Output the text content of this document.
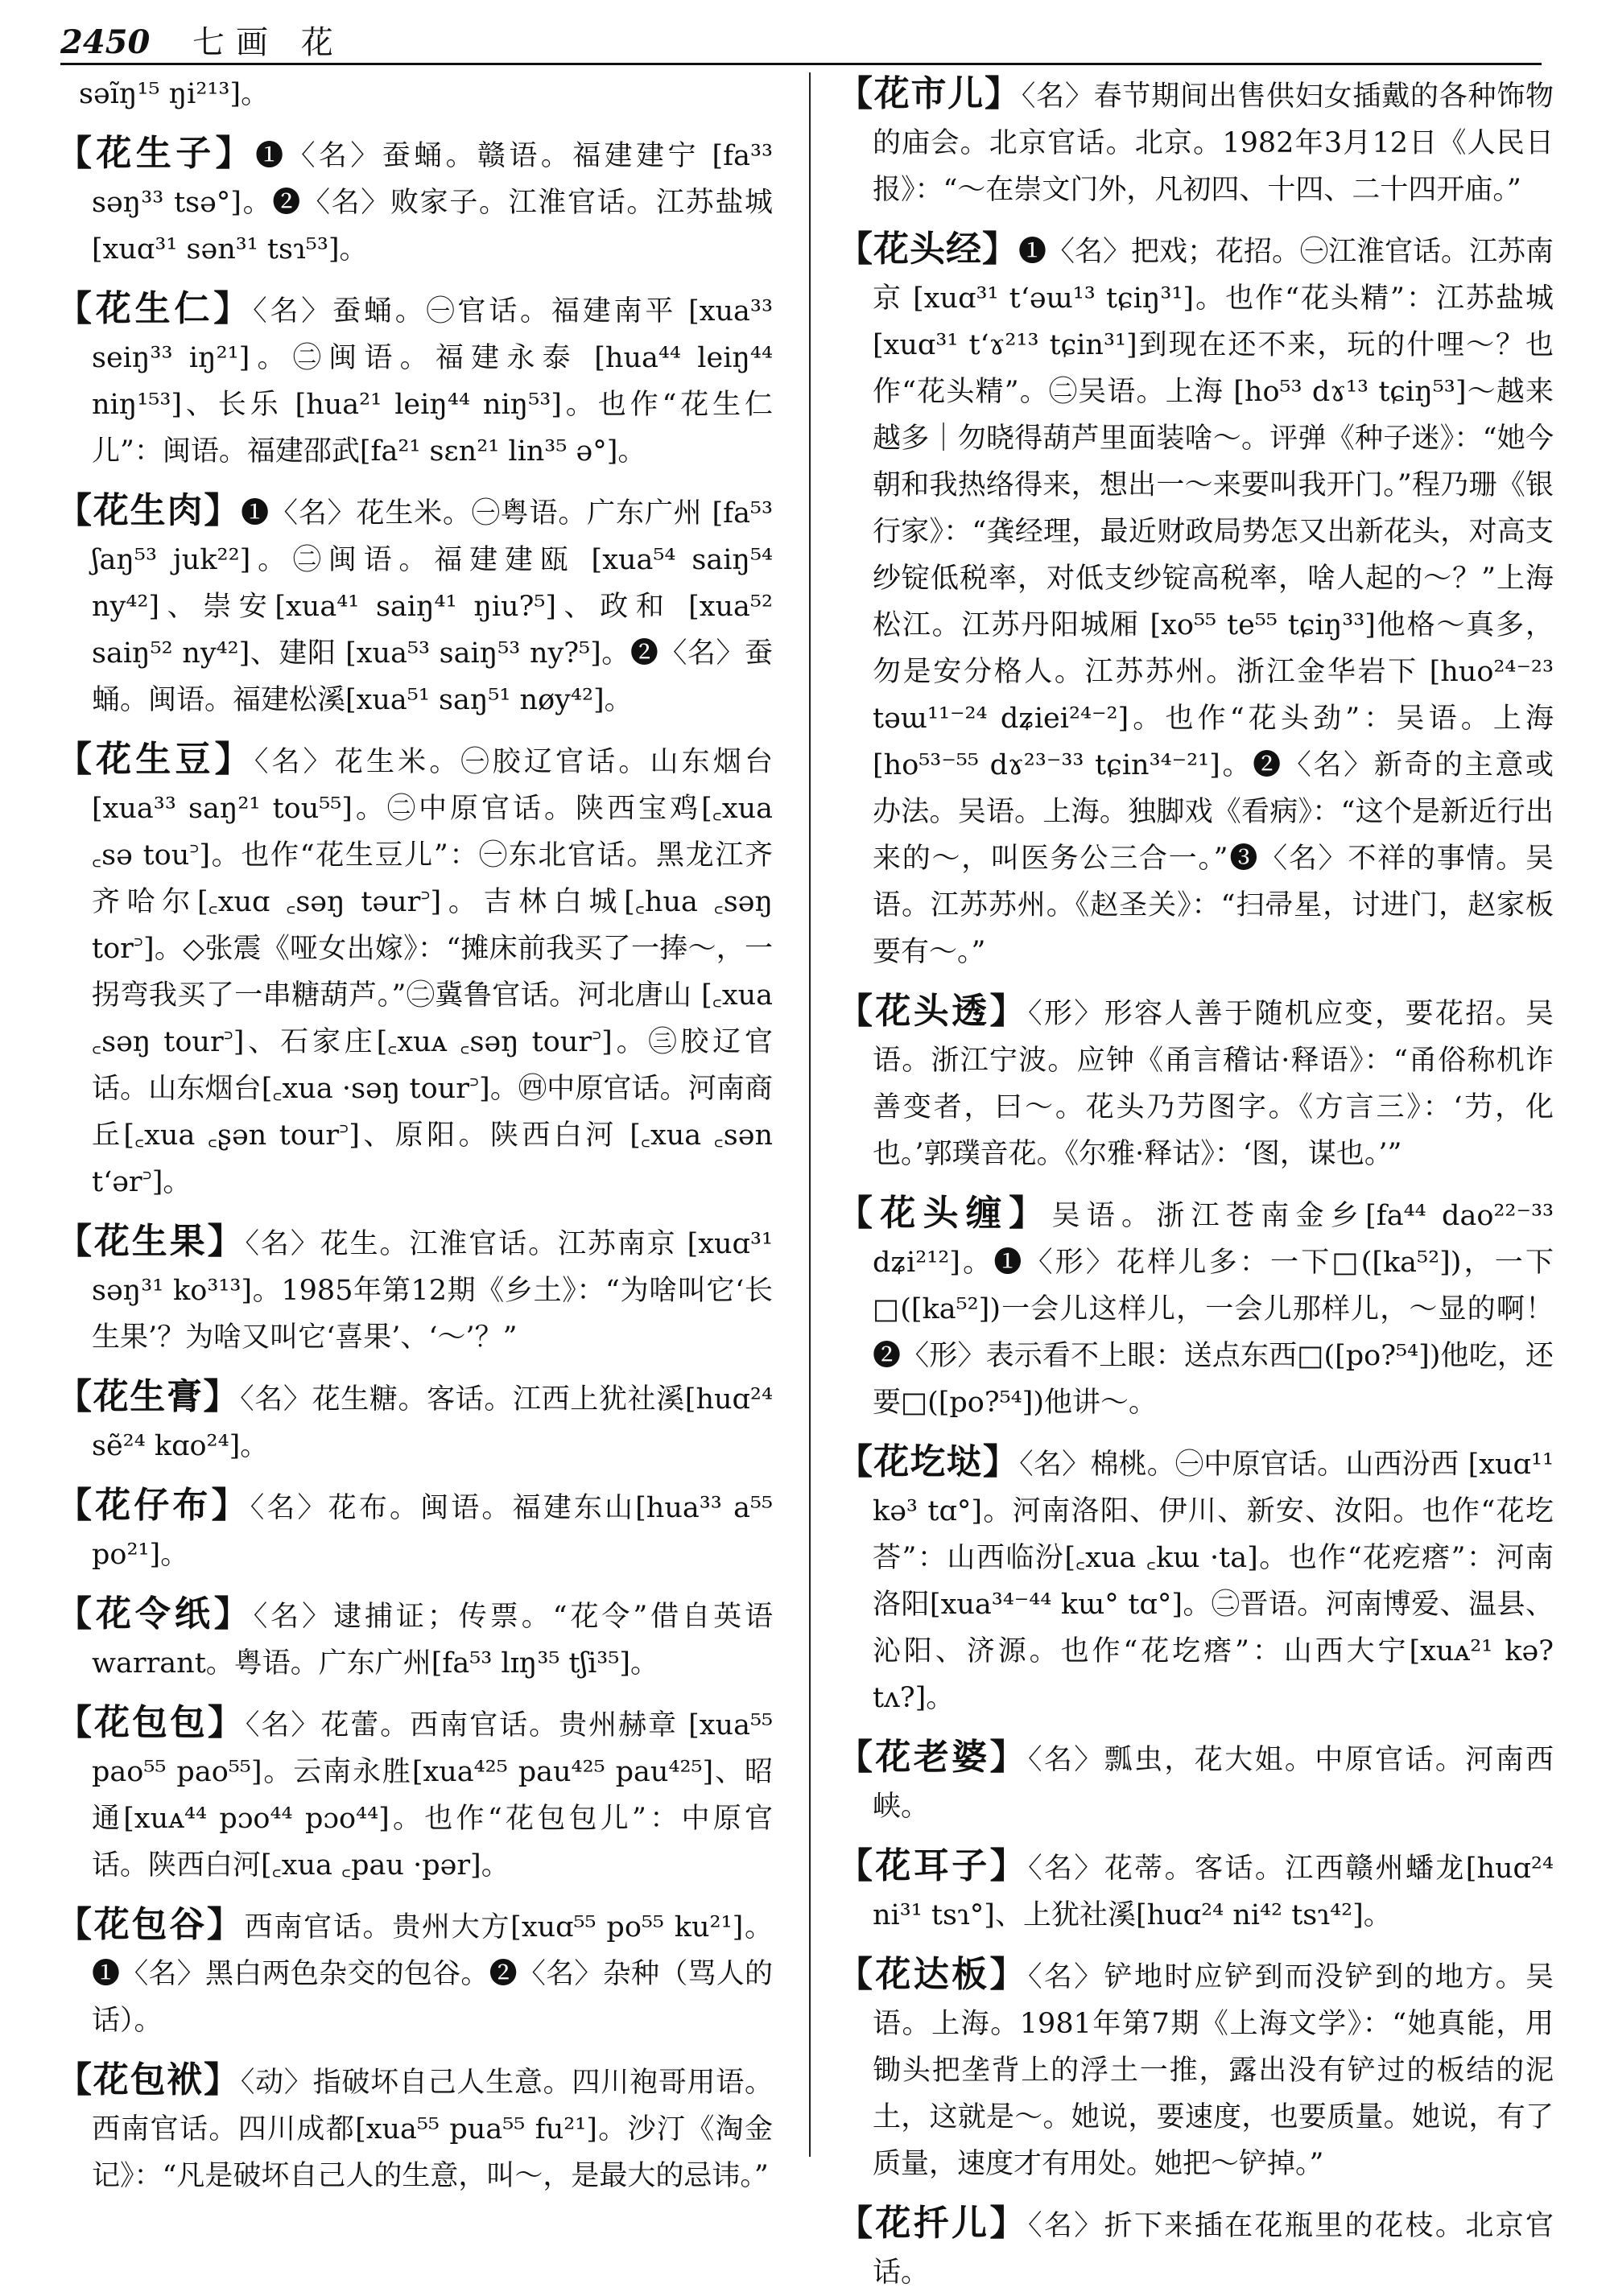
2450 七画 花
səĩŋ¹⁵ ŋi²¹³]。
【花生子】❶〈名〉蚕蛹。赣语。福建建宁 [fa³³ səŋ³³ tsə°]。❷〈名〉败家子。江淮官话。江苏盐城[xuɑ³¹ sən³¹ tsɿ⁵³]。
【花生仁】〈名〉蚕蛹。㊀官话。福建南平 [xua³³ seiŋ³³ iŋ²¹]。㊁闽语。福建永泰 [hua⁴⁴ leiŋ⁴⁴ niŋ¹⁵³]、长乐 [hua²¹ leiŋ⁴⁴ niŋ⁵³]。也作“花生仁儿”：闽语。福建邵武[fa²¹ sɛn²¹ lin³⁵ ə°]。
【花生肉】❶〈名〉花生米。㊀粤语。广东广州 [fa⁵³ ʃaŋ⁵³ juk²²]。㊁闽语。福建建瓯 [xua⁵⁴ saiŋ⁵⁴ ny⁴²]、崇安[xua⁴¹ saiŋ⁴¹ ŋiu?⁵]、政和 [xua⁵² saiŋ⁵² ny⁴²]、建阳 [xua⁵³ saiŋ⁵³ ny?⁵]。❷〈名〉蚕蛹。闽语。福建松溪[xua⁵¹ saŋ⁵¹ nøy⁴²]。
【花生豆】〈名〉花生米。㊀胶辽官话。山东烟台[xua³³ saŋ²¹ tou⁵⁵]。㊁中原官话。陕西宝鸡[꜀xua ꜀sə tou꜄]。也作“花生豆儿”：㊀东北官话。黑龙江齐齐哈尔[꜀xuɑ ꜀səŋ təur꜄]。吉林白城[꜀hua ꜀səŋ tor꜄]。◇张震《哑女出嫁》：“摊床前我买了一捧～，一拐弯我买了一串糖葫芦。”㊁冀鲁官话。河北唐山 [꜀xua ꜀səŋ tour꜄]、石家庄[꜀xuᴀ ꜀səŋ tour꜄]。㊂胶辽官话。山东烟台[꜀xua ·səŋ tour꜄]。㊃中原官话。河南商丘[꜀xua ꜀ʂən tour꜄]、原阳。陕西白河 [꜀xua ꜀sən t‘ər꜄]。
【花生果】〈名〉花生。江淮官话。江苏南京 [xuɑ³¹ səŋ³¹ ko³¹³]。1985年第12期《乡土》：“为啥叫它‘长生果’？为啥又叫它‘喜果’、‘～’？”
【花生膏】〈名〉花生糖。客话。江西上犹社溪[huɑ²⁴ sẽ²⁴ kɑo²⁴]。
【花仔布】〈名〉花布。闽语。福建东山[hua³³ a⁵⁵ po²¹]。
【花令纸】〈名〉逮捕证；传票。“花令”借自英语 warrant。粤语。广东广州[fa⁵³ lɪŋ³⁵ tʃi³⁵]。
【花包包】〈名〉花蕾。西南官话。贵州赫章 [xua⁵⁵ pao⁵⁵ pao⁵⁵]。云南永胜[xua⁴²⁵ pau⁴²⁵ pau⁴²⁵]、昭通[xuᴀ⁴⁴ pɔo⁴⁴ pɔo⁴⁴]。也作“花包包儿”：中原官话。陕西白河[꜀xua ꜀pau ·pər]。
【花包谷】西南官话。贵州大方[xuɑ⁵⁵ po⁵⁵ ku²¹]。❶〈名〉黑白两色杂交的包谷。❷〈名〉杂种（骂人的话）。
【花包袱】〈动〉指破坏自己人生意。四川袍哥用语。西南官话。四川成都[xua⁵⁵ pua⁵⁵ fu²¹]。沙汀《淘金记》：“凡是破坏自己人的生意，叫～，是最大的忌讳。”
【花市儿】〈名〉春节期间出售供妇女插戴的各种饰物的庙会。北京官话。北京。1982年3月12日《人民日报》：“～在崇文门外，凡初四、十四、二十四开庙。”
【花头经】❶〈名〉把戏；花招。㊀江淮官话。江苏南京 [xuɑ³¹ t‘əɯ¹³ tɕiŋ³¹]。也作“花头精”：江苏盐城 [xuɑ³¹ t‘ɤ²¹³ tɕin³¹]到现在还不来，玩的什哩～？也作“花头精”。㊁吴语。上海 [ho⁵³ dɤ¹³ tɕiŋ⁵³]～越来越多｜勿晓得葫芦里面装啥～。评弹《种子迷》：“她今朝和我热络得来，想出一～来要叫我开门。”程乃珊《银行家》：“龚经理，最近财政局势怎又出新花头，对高支纱锭低税率，对低支纱锭高税率，啥人起的～？”上海松江。江苏丹阳城厢 [xo⁵⁵ te⁵⁵ tɕiŋ³³]他格～真多，勿是安分格人。江苏苏州。浙江金华岩下 [huo²⁴⁻²³ təɯ¹¹⁻²⁴ dʑiei²⁴⁻²]。也作“花头劲”：吴语。上海[ho⁵³⁻⁵⁵ dɤ²³⁻³³ tɕin³⁴⁻²¹]。❷〈名〉新奇的主意或办法。吴语。上海。独脚戏《看病》：“这个是新近行出来的～，叫医务公三合一。”❸〈名〉不祥的事情。吴语。江苏苏州。《赵圣关》：“扫帚星，讨进门，赵家板要有～。”
【花头透】〈形〉形容人善于随机应变，要花招。吴语。浙江宁波。应钟《甬言稽诂·释语》：“甬俗称机诈善变者，曰～。花头乃芀图字。《方言三》：‘芀，化也。’郭璞音花。《尔雅·释诂》：‘图，谋也。’”
【花头缠】吴语。浙江苍南金乡[fa⁴⁴ dao²²⁻³³ dʑi²¹²]。❶〈形〉花样儿多：一下□([ka⁵²])，一下□([ka⁵²])一会儿这样儿，一会儿那样儿，～显的啊！❷〈形〉表示看不上眼：送点东西□([po?⁵⁴])他吃，还要□([po?⁵⁴])他讲～。
【花圪垯】〈名〉棉桃。㊀中原官话。山西汾西 [xuɑ¹¹ kə³ tɑ°]。河南洛阳、伊川、新安、汝阳。也作“花圪荅”：山西临汾[꜀xua ꜀kɯ ·ta]。也作“花疙瘩”：河南洛阳[xua³⁴⁻⁴⁴ kɯ° tɑ°]。㊁晋语。河南博爱、温县、沁阳、济源。也作“花圪瘩”：山西大宁[xuᴀ²¹ kə? tʌ?]。
【花老婆】〈名〉瓢虫，花大姐。中原官话。河南西峡。
【花耳子】〈名〉花蒂。客话。江西赣州蟠龙[huɑ²⁴ ni³¹ tsɿ°]、上犹社溪[huɑ²⁴ ni⁴² tsɿ⁴²]。
【花达板】〈名〉铲地时应铲到而没铲到的地方。吴语。上海。1981年第7期《上海文学》：“她真能，用锄头把垄背上的浮土一推，露出没有铲过的板结的泥土，这就是～。她说，要速度，也要质量。她说，有了质量，速度才有用处。她把～铲掉。”
【花扦儿】〈名〉折下来插在花瓶里的花枝。北京官话。
